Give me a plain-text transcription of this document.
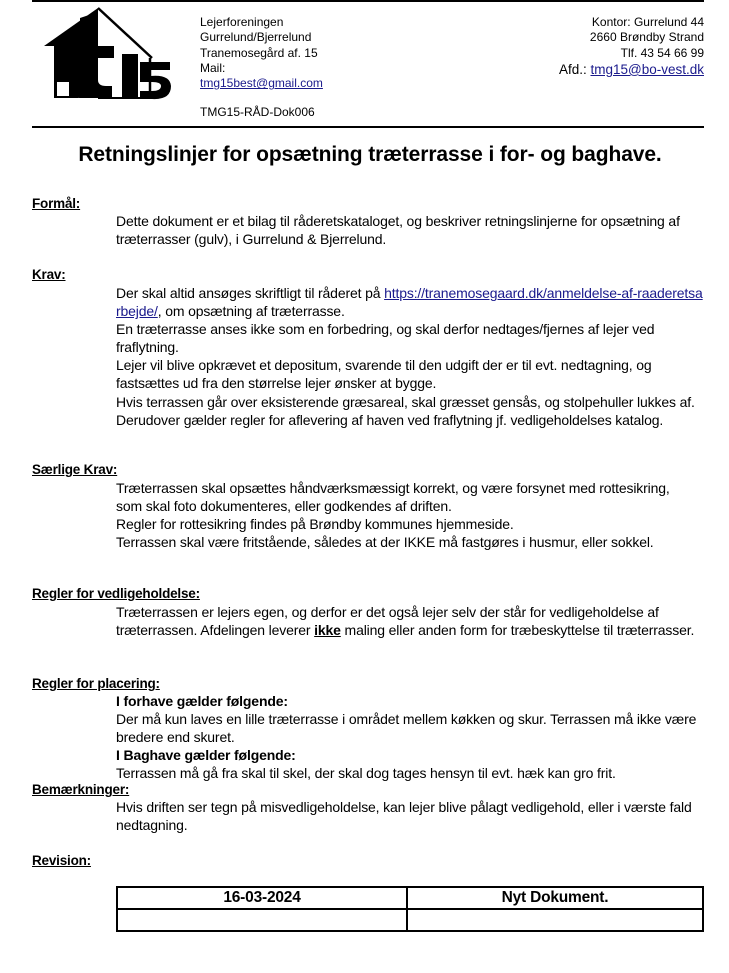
Lejerforeningen
Gurrelund/Bjerrelund
Tranemosegård af. 15
Mail:
tmg15best@gmail.com
TMG15-RÅD-Dok006
Kontor: Gurrelund 44
2660 Brøndby Strand
Tlf. 43 54 66 99
Afd.: tmg15@bo-vest.dk
Retningslinjer for opsætning træterrasse i for- og baghave.
Formål:

Dette dokument er et bilag til råderetskataloget, og beskriver retningslinjerne for opsætning af træterrasser (gulv), i Gurrelund & Bjerrelund.

Krav:

Der skal altid ansøges skriftligt til råderet på https://tranemosegaard.dk/anmeldelse-af-raaderetsarbejde/, om opsætning af træterrasse.

En træterrasse anses ikke som en forbedring, og skal derfor nedtages/fjernes af lejer ved fraflytning.

Lejer vil blive opkrævet et depositum, svarende til den udgift der er til evt. nedtagning, og fastsættes ud fra den størrelse lejer ønsker at bygge.

Hvis terrassen går over eksisterende græsareal, skal græsset gensås, og stolpehuller lukkes af. Derudover gælder regler for aflevering af haven ved fraflytning jf. vedligeholdelses katalog.

Særlige Krav:

Træterrassen skal opsættes håndværksmæssigt korrekt, og være forsynet med rottesikring, som skal foto dokumenteres, eller godkendes af driften.

Regler for rottesikring findes på Brøndby kommunes hjemmeside.

Terrassen skal være fritstående, således at der IKKE må fastgøres i husmur, eller sokkel.

Regler for vedligeholdelse:

Træterrassen er lejers egen, og derfor er det også lejer selv der står for vedligeholdelse af træterrassen. Afdelingen leverer ikke maling eller anden form for træbeskyttelse til træterrasser.

Regler for placering:

I forhave gælder følgende:

Der må kun laves en lille træterrasse i området mellem køkken og skur. Terrassen må ikke være bredere end skuret.

I Baghave gælder følgende:

Terrassen må gå fra skal til skel, der skal dog tages hensyn til evt. hæk kan gro frit.

Bemærkninger:

Hvis driften ser tegn på misvedligeholdelse, kan lejer blive pålagt vedligehold, eller i værste fald nedtagning.

Revision:
16-03-2024	Nyt Dokument.
